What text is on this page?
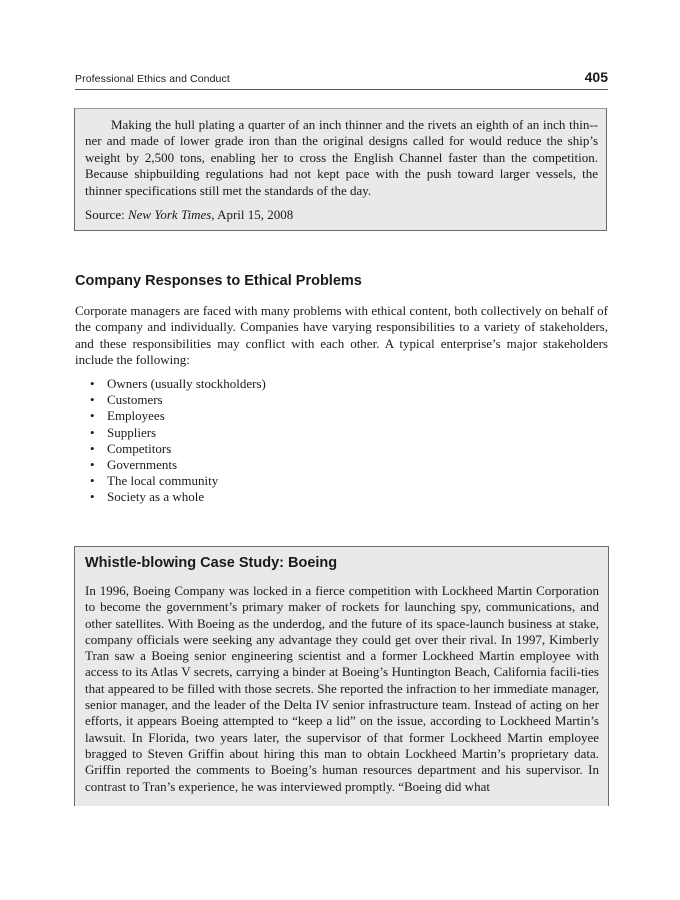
Professional Ethics and Conduct	405
Making the hull plating a quarter of an inch thinner and the rivets an eighth of an inch thin-ner and made of lower grade iron than the original designs called for would reduce the ship’s weight by 2,500 tons, enabling her to cross the English Channel faster than the competition. Because shipbuilding regulations had not kept pace with the push toward larger vessels, the thinner specifications still met the standards of the day.
Source: New York Times, April 15, 2008
Company Responses to Ethical Problems
Corporate managers are faced with many problems with ethical content, both collectively on behalf of the company and individually. Companies have varying responsibilities to a variety of stakeholders, and these responsibilities may conflict with each other. A typical enterprise’s major stakeholders include the following:
• Owners (usually stockholders)
• Customers
• Employees
• Suppliers
• Competitors
• Governments
• The local community
• Society as a whole
Whistle-blowing Case Study: Boeing
In 1996, Boeing Company was locked in a fierce competition with Lockheed Martin Corporation to become the government’s primary maker of rockets for launching spy, communications, and other satellites. With Boeing as the underdog, and the future of its space-launch business at stake, company officials were seeking any advantage they could get over their rival. In 1997, Kimberly Tran saw a Boeing senior engineering scientist and a former Lockheed Martin employee with access to its Atlas V secrets, carrying a binder at Boeing’s Huntington Beach, California facili-ties that appeared to be filled with those secrets. She reported the infraction to her immediate manager, senior manager, and the leader of the Delta IV senior infrastructure team. Instead of acting on her efforts, it appears Boeing attempted to “keep a lid” on the issue, according to Lockheed Martin’s lawsuit. In Florida, two years later, the supervisor of that former Lockheed Martin employee bragged to Steven Griffin about hiring this man to obtain Lockheed Martin’s proprietary data. Griffin reported the comments to Boeing’s human resources department and his supervisor. In contrast to Tran’s experience, he was interviewed promptly. “Boeing did what
